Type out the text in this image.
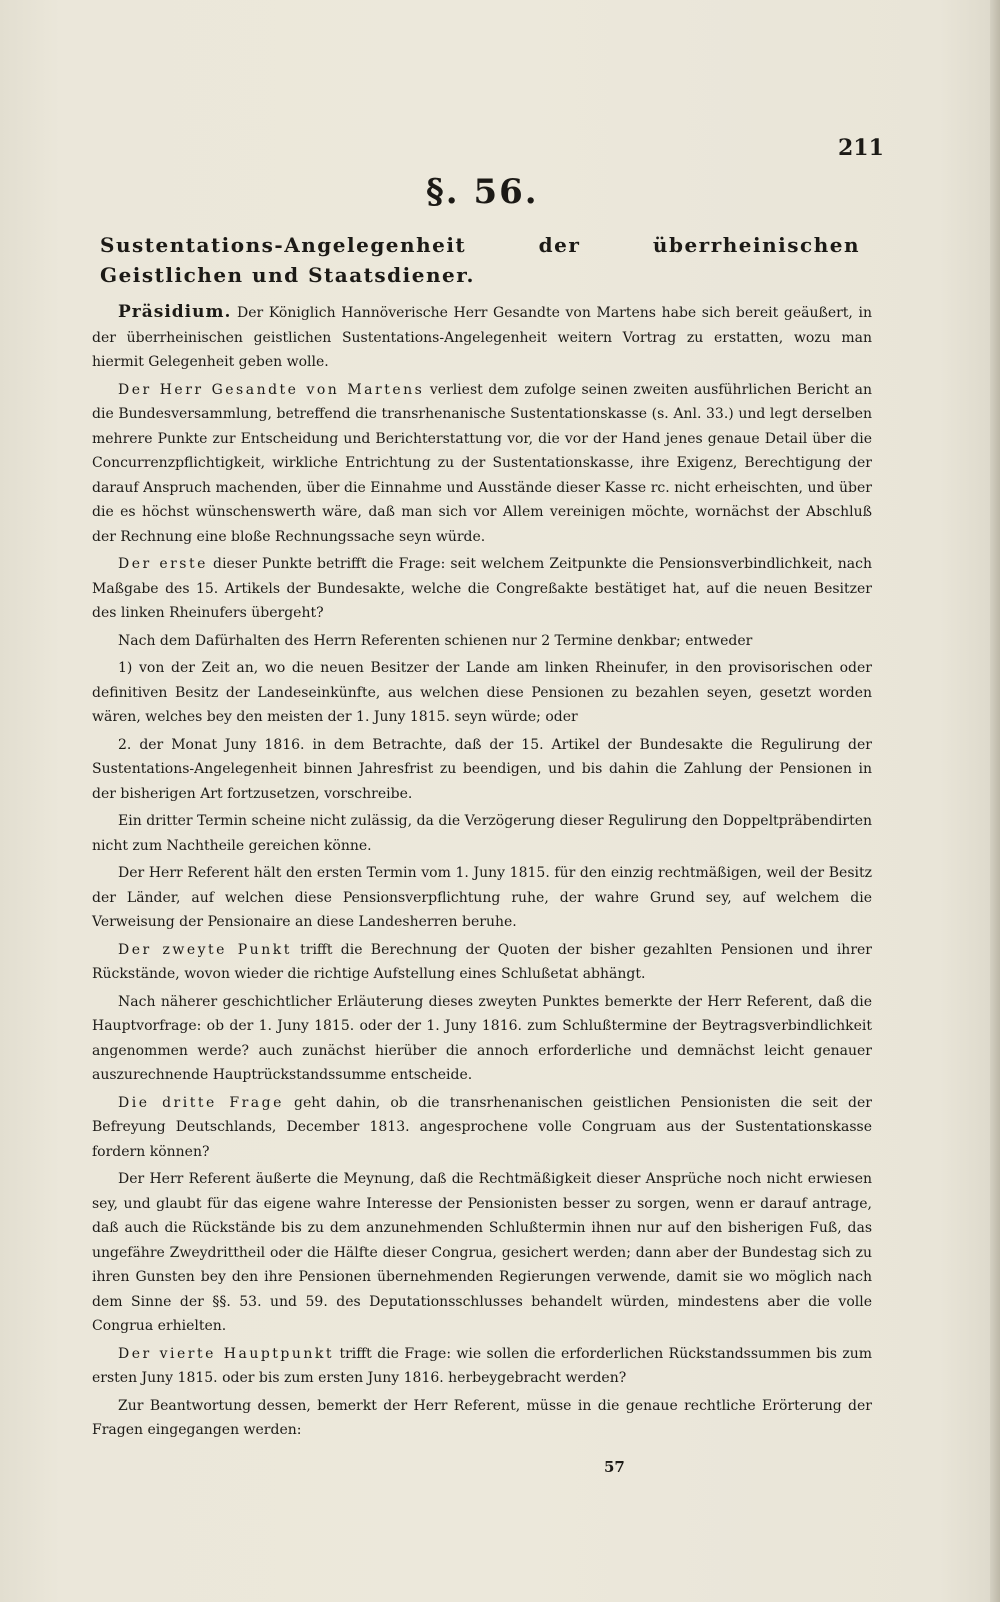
211
§. 56.
Sustentations-Angelegenheit der überrheinischen Geistlichen und Staatsdiener.

Präsidium. Der Königlich Hannöverische Herr Gesandte von Martens habe sich bereit geäußert, in der überrheinischen geistlichen Sustentations-Angelegenheit weitern Vortrag zu erstatten, wozu man hiermit Gelegenheit geben wolle.

Der Herr Gesandte von Martens verliest dem zufolge seinen zweiten ausführlichen Bericht an die Bundesversammlung, betreffend die transrhenanische Sustentationskasse (s. Anl. 33.) und legt derselben mehrere Punkte zur Entscheidung und Berichterstattung vor, die vor der Hand jenes genaue Detail über die Concurrenzpflichtigkeit, wirkliche Entrichtung zu der Sustentationskasse, ihre Exigenz, Berechtigung der darauf Anspruch machenden, über die Einnahme und Ausstände dieser Kasse rc. nicht erheischten, und über die es höchst wünschenswerth wäre, daß man sich vor Allem vereinigen möchte, wornächst der Abschluß der Rechnung eine bloße Rechnungssache seyn würde.

Der erste dieser Punkte betrifft die Frage: seit welchem Zeitpunkte die Pensionsverbindlichkeit, nach Maßgabe des 15. Artikels der Bundesakte, welche die Congreßakte bestätiget hat, auf die neuen Besitzer des linken Rheinufers übergeht?

Nach dem Dafürhalten des Herrn Referenten schienen nur 2 Termine denkbar; entweder

1) von der Zeit an, wo die neuen Besitzer der Lande am linken Rheinufer, in den provisorischen oder definitiven Besitz der Landeseinkünfte, aus welchen diese Pensionen zu bezahlen seyen, gesetzt worden wären, welches bey den meisten der 1. Juny 1815. seyn würde; oder

2. der Monat Juny 1816. in dem Betrachte, daß der 15. Artikel der Bundesakte die Regulirung der Sustentations-Angelegenheit binnen Jahresfrist zu beendigen, und bis dahin die Zahlung der Pensionen in der bisherigen Art fortzusetzen, vorschreibe.

Ein dritter Termin scheine nicht zulässig, da die Verzögerung dieser Regulirung den Doppeltpräbendirten nicht zum Nachtheile gereichen könne.

Der Herr Referent hält den ersten Termin vom 1. Juny 1815. für den einzig rechtmäßigen, weil der Besitz der Länder, auf welchen diese Pensionsverpflichtung ruhe, der wahre Grund sey, auf welchem die Verweisung der Pensionaire an diese Landesherren beruhe.

Der zweyte Punkt trifft die Berechnung der Quoten der bisher gezahlten Pensionen und ihrer Rückstände, wovon wieder die richtige Aufstellung eines Schlußetat abhängt.

Nach näherer geschichtlicher Erläuterung dieses zweyten Punktes bemerkte der Herr Referent, daß die Hauptvorfrage: ob der 1. Juny 1815. oder der 1. Juny 1816. zum Schlußtermine der Beytragsverbindlichkeit angenommen werde? auch zunächst hierüber die annoch erforderliche und demnächst leicht genauer auszurechnende Hauptrückstandssumme entscheide.

Die dritte Frage geht dahin, ob die transrhenanischen geistlichen Pensionisten die seit der Befreyung Deutschlands, December 1813. angesprochene volle Congruam aus der Sustentationskasse fordern können?

Der Herr Referent äußerte die Meynung, daß die Rechtmäßigkeit dieser Ansprüche noch nicht erwiesen sey, und glaubt für das eigene wahre Interesse der Pensionisten besser zu sorgen, wenn er darauf antrage, daß auch die Rückstände bis zu dem anzunehmenden Schlußtermin ihnen nur auf den bisherigen Fuß, das ungefähre Zweydrittheil oder die Hälfte dieser Congrua, gesichert werden; dann aber der Bundestag sich zu ihren Gunsten bey den ihre Pensionen übernehmenden Regierungen verwende, damit sie wo möglich nach dem Sinne der §§. 53. und 59. des Deputationsschlusses behandelt würden, mindestens aber die volle Congrua erhielten.

Der vierte Hauptpunkt trifft die Frage: wie sollen die erforderlichen Rückstandssummen bis zum ersten Juny 1815. oder bis zum ersten Juny 1816. herbeygebracht werden?

Zur Beantwortung dessen, bemerkt der Herr Referent, müsse in die genaue rechtliche Erörterung der Fragen eingegangen werden:

57
